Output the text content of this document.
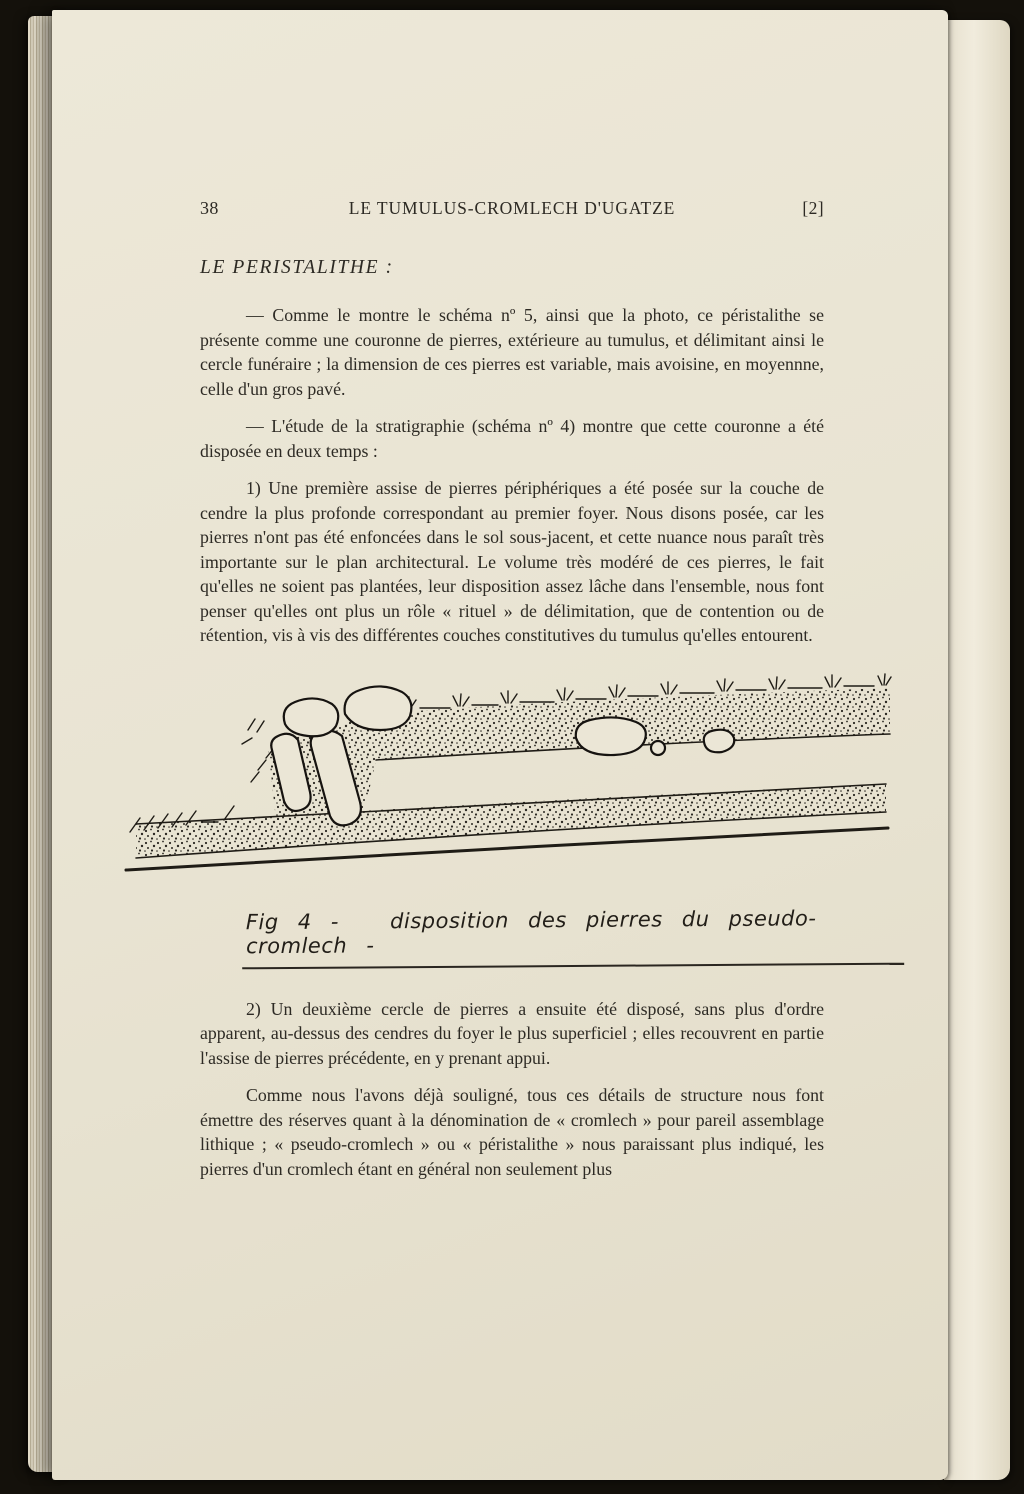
38	LE TUMULUS-CROMLECH D'UGATZE	[2]
LE PERISTALITHE :

— Comme le montre le schéma nº 5, ainsi que la photo, ce péristalithe se présente comme une couronne de pierres, extérieure au tumulus, et délimitant ainsi le cercle funéraire ; la dimension de ces pierres est variable, mais avoisine, en moyennne, celle d'un gros pavé.

— L'étude de la stratigraphie (schéma nº 4) montre que cette couronne a été disposée en deux temps :

1) Une première assise de pierres périphériques a été posée sur la couche de cendre la plus profonde correspondant au premier foyer. Nous disons posée, car les pierres n'ont pas été enfoncées dans le sol sous-jacent, et cette nuance nous paraît très importante sur le plan architectural. Le volume très modéré de ces pierres, le fait qu'elles ne soient pas plantées, leur disposition assez lâche dans l'ensemble, nous font penser qu'elles ont plus un rôle « rituel » de délimitation, que de contention ou de rétention, vis à vis des différentes couches constitutives du tumulus qu'elles entourent.

Fig 4 - disposition des pierres du pseudo-cromlech -

2) Un deuxième cercle de pierres a ensuite été disposé, sans plus d'ordre apparent, au-dessus des cendres du foyer le plus superficiel ; elles recouvrent en partie l'assise de pierres précédente, en y prenant appui.

Comme nous l'avons déjà souligné, tous ces détails de structure nous font émettre des réserves quant à la dénomination de « cromlech » pour pareil assemblage lithique ; « pseudo-cromlech » ou « péristalithe » nous paraissant plus indiqué, les pierres d'un cromlech étant en général non seulement plus
